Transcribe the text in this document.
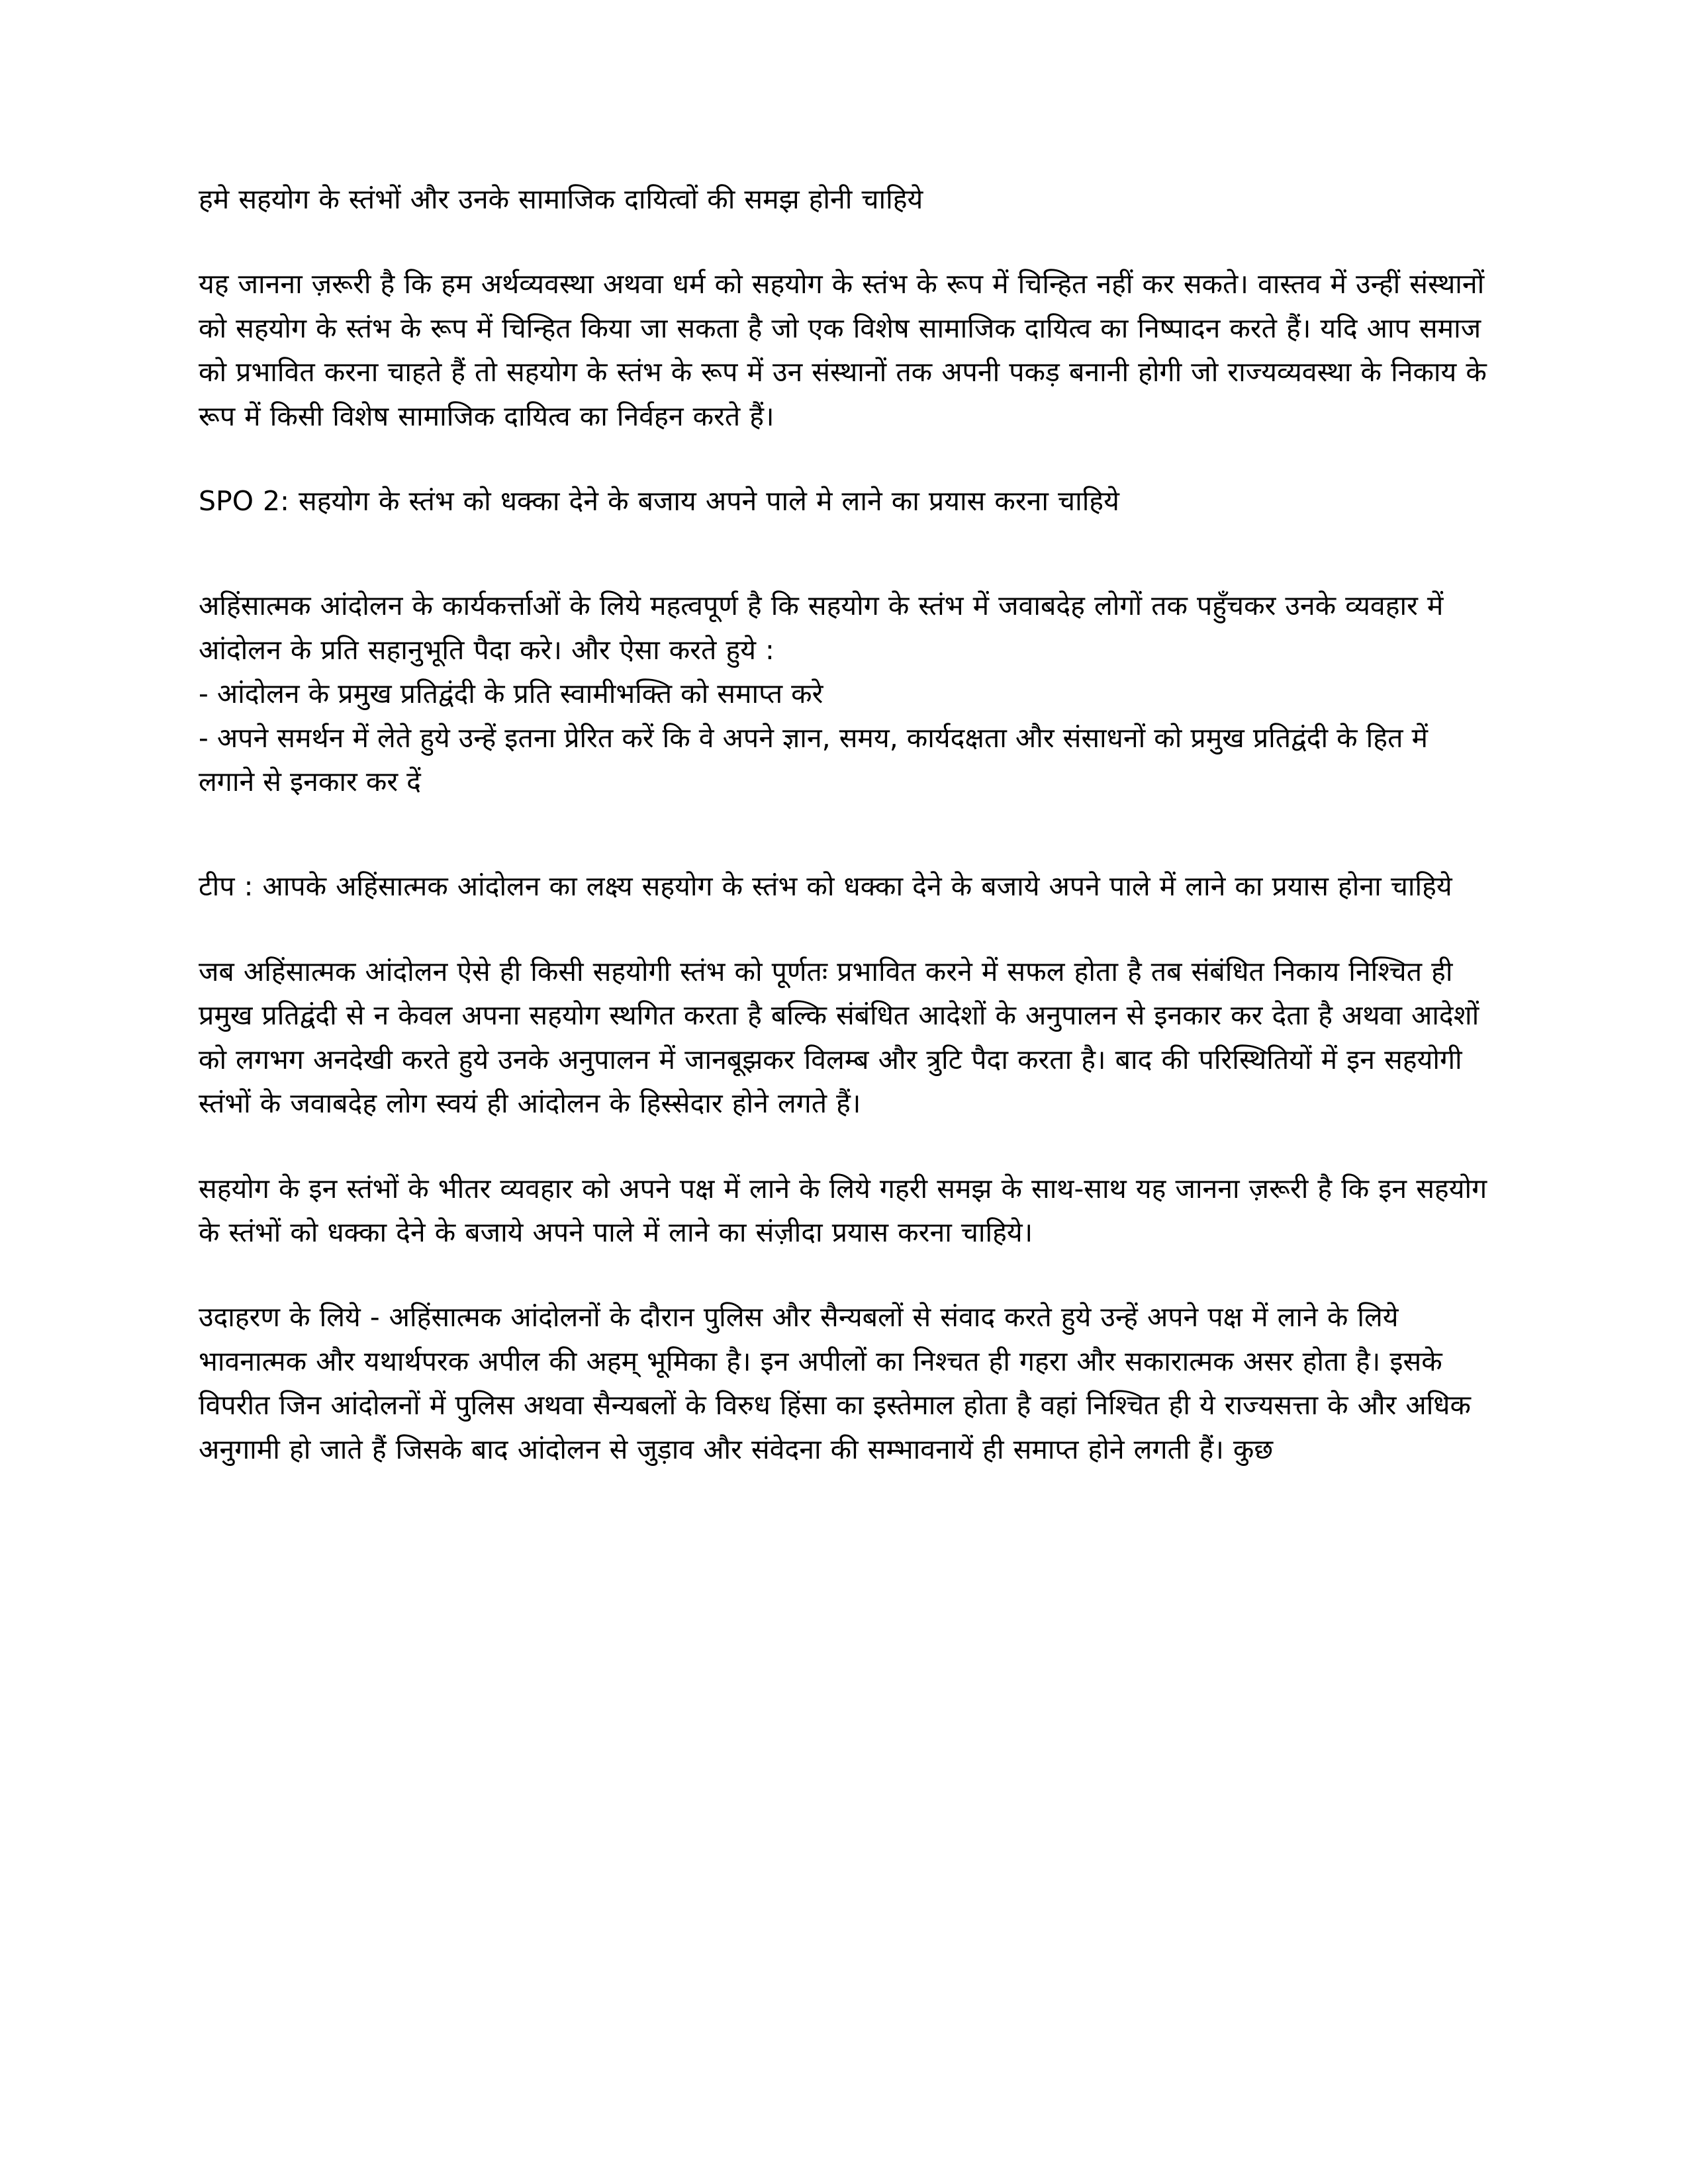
हमे सहयोग के स्तंभों और उनके सामाजिक दायित्वों की समझ होनी चाहिये

यह जानना ज़रूरी है कि हम अर्थव्यवस्था अथवा धर्म को सहयोग के स्तंभ के रूप में चिन्हित नहीं कर सकते। वास्तव में उन्हीं संस्थानों को सहयोग के स्तंभ के रूप में चिन्हित किया जा सकता है जो एक विशेष सामाजिक दायित्व का निष्पादन करते हैं। यदि आप समाज को प्रभावित करना चाहते हैं तो सहयोग के स्तंभ के रूप में उन संस्थानों तक अपनी पकड़ बनानी होगी जो राज्यव्यवस्था के निकाय के रूप में किसी विशेष सामाजिक दायित्व का निर्वहन करते हैं।

SPO 2: सहयोग के स्तंभ को धक्का देने के बजाय अपने पाले मे लाने का प्रयास करना चाहिये

अहिंसात्मक आंदोलन के कार्यकर्त्ताओं के लिये महत्वपूर्ण है कि सहयोग के स्तंभ में जवाबदेह लोगों तक पहुँचकर उनके व्यवहार में आंदोलन के प्रति सहानुभूति पैदा करे। और ऐसा करते हुये :

- आंदोलन के प्रमुख प्रतिद्वंदी के प्रति स्वामीभक्ति को समाप्त करे

- अपने समर्थन में लेते हुये उन्हें इतना प्रेरित करें कि वे अपने ज्ञान, समय, कार्यदक्षता और संसाधनों को प्रमुख प्रतिद्वंदी के हित में लगाने से इनकार कर दें

टीप : आपके अहिंसात्मक आंदोलन का लक्ष्य सहयोग के स्तंभ को धक्का देने के बजाये अपने पाले में लाने का प्रयास होना चाहिये

जब अहिंसात्मक आंदोलन ऐसे ही किसी सहयोगी स्तंभ को पूर्णतः प्रभावित करने में सफल होता है तब संबंधित निकाय निश्चित ही प्रमुख प्रतिद्वंदी से न केवल अपना सहयोग स्थगित करता है बल्कि संबंधित आदेशों के अनुपालन से इनकार कर देता है अथवा आदेशों को लगभग अनदेखी करते हुये उनके अनुपालन में जानबूझकर विलम्ब और त्रुटि पैदा करता है। बाद की परिस्थितियों में इन सहयोगी स्तंभों के जवाबदेह लोग स्वयं ही आंदोलन के हिस्सेदार होने लगते हैं।

सहयोग के इन स्तंभों के भीतर व्यवहार को अपने पक्ष में लाने के लिये गहरी समझ के साथ-साथ यह जानना ज़रूरी है कि इन सहयोग के स्तंभों को धक्का देने के बजाये अपने पाले में लाने का संज़ीदा प्रयास करना चाहिये।

उदाहरण के लिये - अहिंसात्मक आंदोलनों के दौरान पुलिस और सैन्यबलों से संवाद करते हुये उन्हें अपने पक्ष में लाने के लिये भावनात्मक और यथार्थपरक अपील की अहम् भूमिका है। इन अपीलों का निश्चत ही गहरा और सकारात्मक असर होता है। इसके विपरीत जिन आंदोलनों में पुलिस अथवा सैन्यबलों के विरुध हिंसा का इस्तेमाल होता है वहां निश्चित ही ये राज्यसत्ता के और अधिक अनुगामी हो जाते हैं जिसके बाद आंदोलन से जुड़ाव और संवेदना की सम्भावनायें ही समाप्त होने लगती हैं। कुछ
